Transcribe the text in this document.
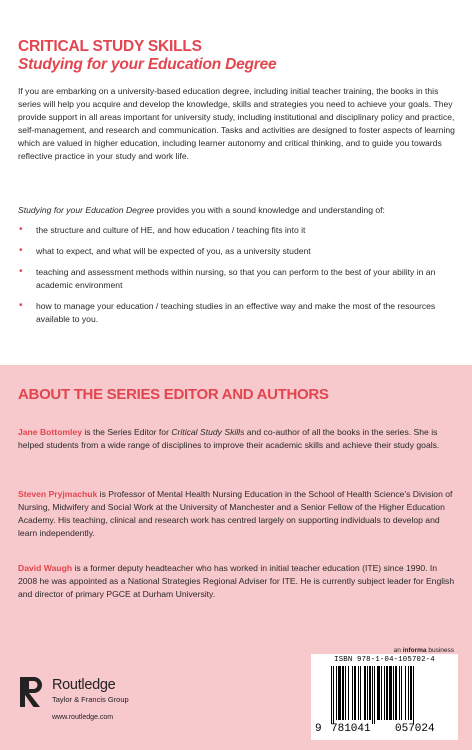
CRITICAL STUDY SKILLS
Studying for your Education Degree

If you are embarking on a university-based education degree, including initial teacher training, the books in this series will help you acquire and develop the knowledge, skills and strategies you need to achieve your goals. They provide support in all areas important for university study, including institutional and disciplinary policy and practice, self-management, and research and communication. Tasks and activities are designed to foster aspects of learning which are valued in higher education, including learner autonomy and critical thinking, and to guide you towards reflective practice in your study and work life.

Studying for your Education Degree provides you with a sound knowledge and understanding of:

• the structure and culture of HE, and how education / teaching fits into it
• what to expect, and what will be expected of you, as a university student
• teaching and assessment methods within nursing, so that you can perform to the best of your ability in an academic environment
• how to manage your education / teaching studies in an effective way and make the most of the resources available to you.
ABOUT THE SERIES EDITOR AND AUTHORS

Jane Bottomley is the Series Editor for Critical Study Skills and co-author of all the books in the series. She is helped students from a wide range of disciplines to improve their academic skills and achieve their study goals.

Steven Pryjmachuk is Professor of Mental Health Nursing Education in the School of Health Science's Division of Nursing, Midwifery and Social Work at the University of Manchester and a Senior Fellow of the Higher Education Academy. His teaching, clinical and research work has centred largely on supporting individuals to develop and learn independently.

David Waugh is a former deputy headteacher who has worked in initial teacher education (ITE) since 1990. In 2008 he was appointed as a National Strategies Regional Adviser for ITE. He is currently subject leader for English and director of primary PGCE at Durham University.

an informa business
Routledge
Taylor & Francis Group
www.routledge.com
ISBN 978-1-04-105702-4
9 781041 057024
